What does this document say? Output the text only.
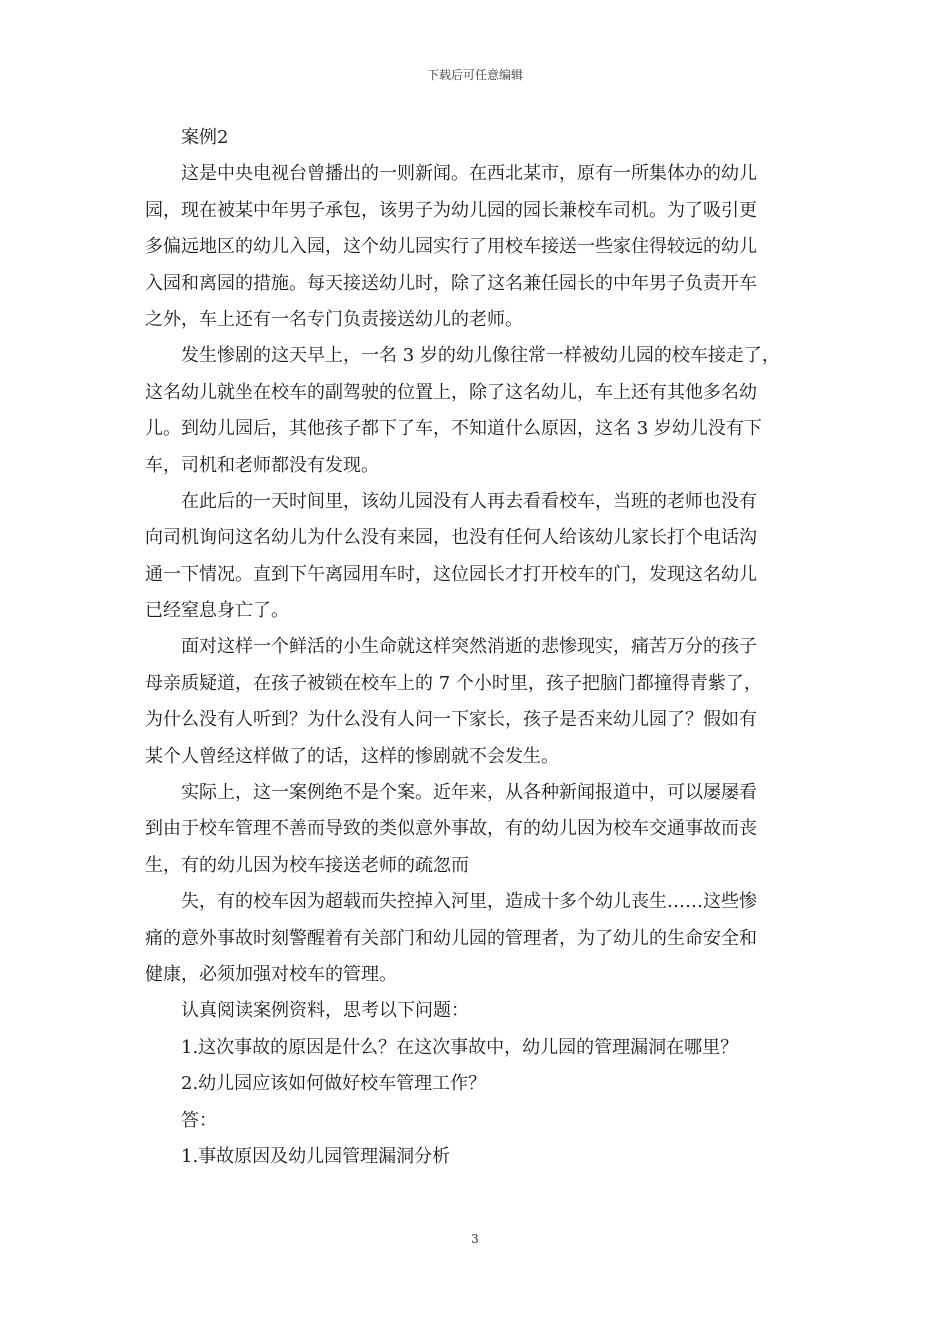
下载后可任意编辑
案例2
这是中央电视台曾播出的一则新闻。在西北某市，原有一所集体办的幼儿
园，现在被某中年男子承包，该男子为幼儿园的园长兼校车司机。为了吸引更
多偏远地区的幼儿入园，这个幼儿园实行了用校车接送一些家住得较远的幼儿
入园和离园的措施。每天接送幼儿时，除了这名兼任园长的中年男子负责开车
之外，车上还有一名专门负责接送幼儿的老师。
发生惨剧的这天早上，一名 3 岁的幼儿像往常一样被幼儿园的校车接走了，
这名幼儿就坐在校车的副驾驶的位置上，除了这名幼儿，车上还有其他多名幼
儿。到幼儿园后，其他孩子都下了车，不知道什么原因，这名 3 岁幼儿没有下
车，司机和老师都没有发现。
在此后的一天时间里，该幼儿园没有人再去看看校车，当班的老师也没有
向司机询问这名幼儿为什么没有来园，也没有任何人给该幼儿家长打个电话沟
通一下情况。直到下午离园用车时，这位园长才打开校车的门，发现这名幼儿
已经窒息身亡了。
面对这样一个鲜活的小生命就这样突然消逝的悲惨现实，痛苦万分的孩子
母亲质疑道，在孩子被锁在校车上的 7 个小时里，孩子把脑门都撞得青紫了，
为什么没有人听到？为什么没有人问一下家长，孩子是否来幼儿园了？假如有
某个人曾经这样做了的话，这样的惨剧就不会发生。
实际上，这一案例绝不是个案。近年来，从各种新闻报道中，可以屡屡看
到由于校车管理不善而导致的类似意外事故，有的幼儿因为校车交通事故而丧
生，有的幼儿因为校车接送老师的疏忽而
失，有的校车因为超载而失控掉入河里，造成十多个幼儿丧生……这些惨
痛的意外事故时刻警醒着有关部门和幼儿园的管理者，为了幼儿的生命安全和
健康，必须加强对校车的管理。
认真阅读案例资料，思考以下问题：
1.这次事故的原因是什么？在这次事故中，幼儿园的管理漏洞在哪里？
2.幼儿园应该如何做好校车管理工作？
答：
1.事故原因及幼儿园管理漏洞分析
3
